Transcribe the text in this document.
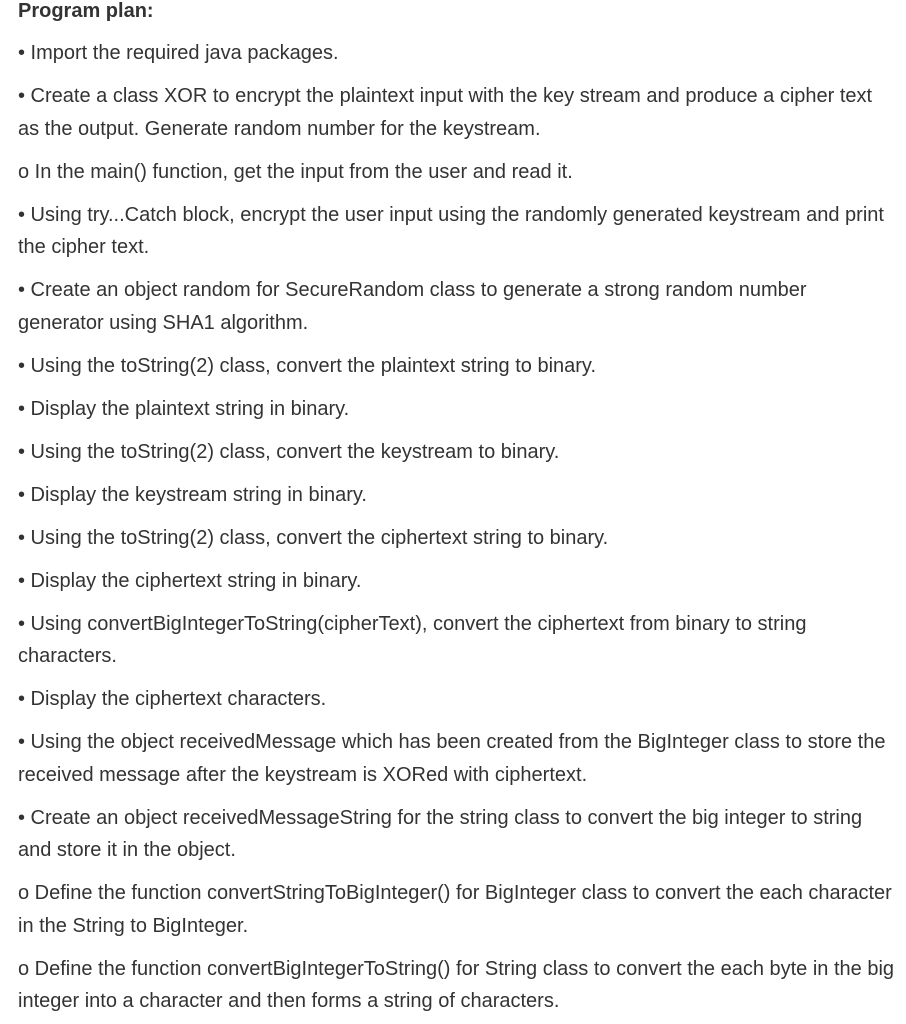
Program plan:

• Import the required java packages.

• Create a class XOR to encrypt the plaintext input with the key stream and produce a cipher text as the output. Generate random number for the keystream.

o In the main() function, get the input from the user and read it.

• Using try...Catch block, encrypt the user input using the randomly generated keystream and print the cipher text.

• Create an object random for SecureRandom class to generate a strong random number generator using SHA1 algorithm.

• Using the toString(2) class, convert the plaintext string to binary.

• Display the plaintext string in binary.

• Using the toString(2) class, convert the keystream to binary.

• Display the keystream string in binary.

• Using the toString(2) class, convert the ciphertext string to binary.

• Display the ciphertext string in binary.

• Using convertBigIntegerToString(cipherText), convert the ciphertext from binary to string characters.

• Display the ciphertext characters.

• Using the object receivedMessage which has been created from the BigInteger class to store the received message after the keystream is XORed with ciphertext.

• Create an object receivedMessageString for the string class to convert the big integer to string and store it in the object.

o Define the function convertStringToBigInteger() for BigInteger class to convert the each character in the String to BigInteger.

o Define the function convertBigIntegerToString() for String class to convert the each byte in the big integer into a character and then forms a string of characters.
